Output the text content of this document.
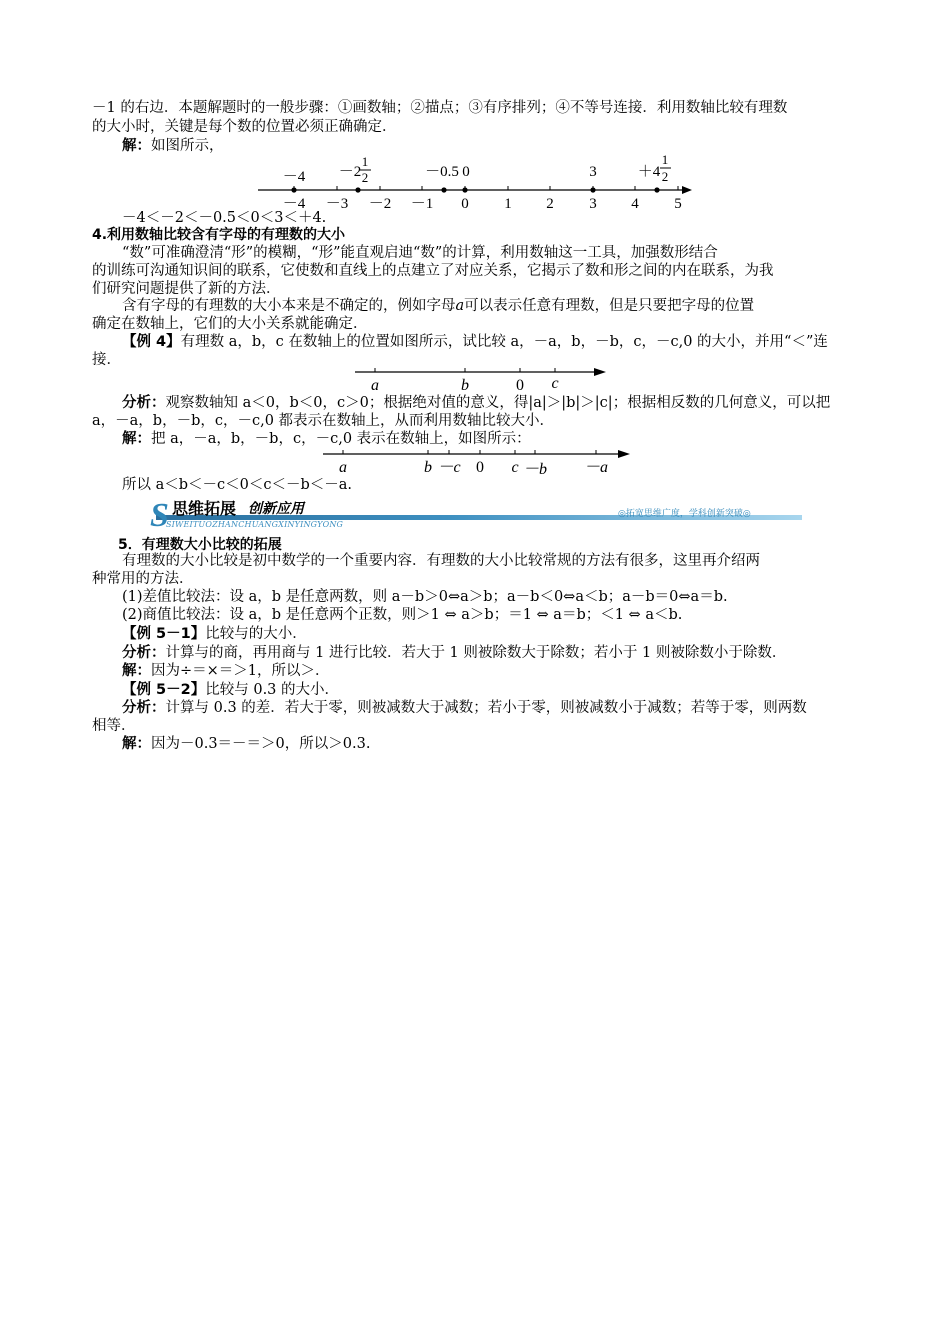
－1 的右边．本题解题时的一般步骤：①画数轴；②描点；③有序排列；④不等号连接．利用数轴比较有理数
的大小时，关键是每个数的位置必须正确确定．
解：如图所示，
－4 －3 －2 －1 0 1 2 3 4 5
－4 －2
1
2	－0.5 0	3	＋4
1
2
－4＜－2＜－0.5＜0＜3＜＋4.
4.利用数轴比较含有字母的有理数的大小
“数”可准确澄清“形”的模糊，“形”能直观启迪“数”的计算，利用数轴这一工具，加强数形结合
的训练可沟通知识间的联系，它使数和直线上的点建立了对应关系，它揭示了数和形之间的内在联系，为我
们研究问题提供了新的方法．
含有字母的有理数的大小本来是不确定的，例如字母a可以表示任意有理数，但是只要把字母的位置
确定在数轴上，它们的大小关系就能确定．
【例 4】有理数 a，b，c 在数轴上的位置如图所示，试比较 a，－a，b，－b，c，－c,0 的大小，并用“＜”连
接．
a	b	0 c
分析：观察数轴知 a＜0，b＜0，c＞0；根据绝对值的意义，得|a|＞|b|＞|c|；根据相反数的几何意义，可以把
a，－a，b，－b，c，－c,0 都表示在数轴上，从而利用数轴比较大小．
解：把 a，－a，b，－b，c，－c,0 表示在数轴上，如图所示：
a	b －c 0 c －b －a
所以 a＜b＜－c＜0＜c＜－b＜－a.
S 思维拓展 创新应用
SIWEITUOZHANCHUANGXINYINGYONG
◎拓宽思维广度，学科创新突破◎
5．有理数大小比较的拓展
有理数的大小比较是初中数学的一个重要内容．有理数的大小比较常规的方法有很多，这里再介绍两
种常用的方法．
(1)差值比较法：设 a，b 是任意两数，则 a－b＞0⇔a＞b；a－b＜0⇔a＜b；a－b＝0⇔a＝b.
(2)商值比较法：设 a，b 是任意两个正数，则＞1 ⇔ a＞b；＝1 ⇔ a＝b；＜1 ⇔ a＜b.
【例 5－1】比较与的大小．
分析：计算与的商，再用商与 1 进行比较．若大于 1 则被除数大于除数；若小于 1 则被除数小于除数．
解：因为÷＝×＝＞1，所以＞．
【例 5－2】比较与 0.3 的大小．
分析：计算与 0.3 的差．若大于零，则被减数大于减数；若小于零，则被减数小于减数；若等于零，则两数
相等．
解：因为－0.3＝－＝＞0，所以＞0.3.
